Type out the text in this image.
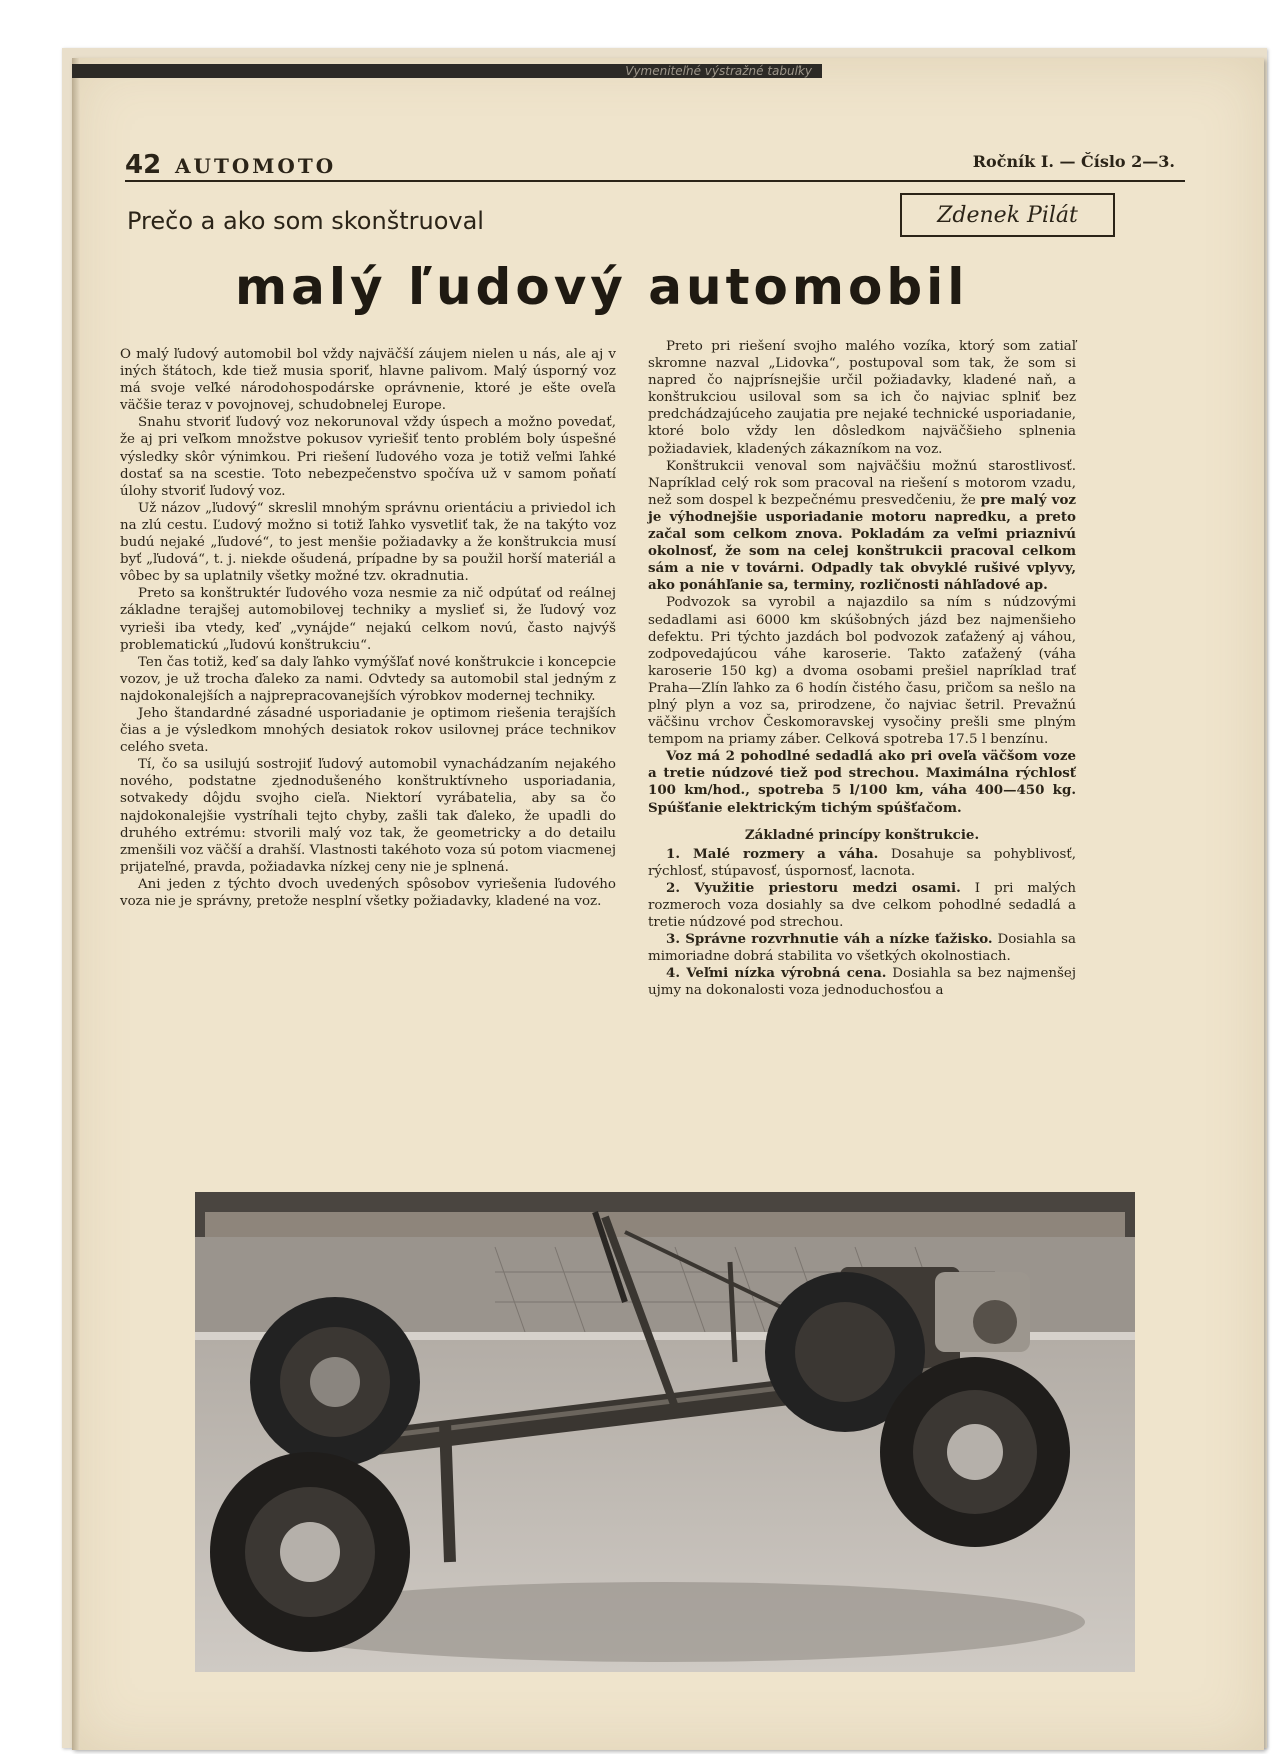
Vymeniteľné výstražné tabuľky
42 AUTOMOTO	Ročník I. — Číslo 2—3.
Prečo a ako som skonštruoval	Zdenek Pilát
malý ľudový automobil

O malý ľudový automobil bol vždy najväčší záujem nielen u nás, ale aj v iných štátoch, kde tiež musia sporiť, hlavne palivom. Malý úsporný voz má svoje veľké národohospodárske oprávnenie, ktoré je ešte oveľa väčšie teraz v povojnovej, schudobnelej Europe.

Snahu stvoriť ľudový voz nekorunoval vždy úspech a možno povedať, že aj pri veľkom množstve pokusov vyriešiť tento problém boly úspešné výsledky skôr výnimkou. Pri riešení ľudového voza je totiž veľmi ľahké dostať sa na scestie. Toto nebezpečenstvo spočíva už v samom poňatí úlohy stvoriť ľudový voz.

Už názov „ľudový“ skreslil mnohým správnu orientáciu a priviedol ich na zlú cestu. Ľudový možno si totiž ľahko vysvetliť tak, že na takýto voz budú nejaké „ľudové“, to jest menšie požiadavky a že konštrukcia musí byť „ľudová“, t. j. niekde ošudená, prípadne by sa použil horší materiál a vôbec by sa uplatnily všetky možné tzv. okradnutia.

Preto sa konštruktér ľudového voza nesmie za nič odpútať od reálnej základne terajšej automobilovej techniky a myslieť si, že ľudový voz vyrieši iba vtedy, keď „vynájde“ nejakú celkom novú, často najvýš problematickú „ľudovú konštrukciu“.

Ten čas totiž, keď sa daly ľahko vymýšľať nové konštrukcie i koncepcie vozov, je už trocha ďaleko za nami. Odvtedy sa automobil stal jedným z najdokonalejších a najprepracovanejších výrobkov modernej techniky.

Jeho štandardné zásadné usporiadanie je optimom riešenia terajších čias a je výsledkom mnohých desiatok rokov usilovnej práce technikov celého sveta.

Tí, čo sa usilujú sostrojiť ľudový automobil vynachádzaním nejakého nového, podstatne zjednodušeného konštruktívneho usporiadania, sotvakedy dôjdu svojho cieľa. Niektorí vyrábatelia, aby sa čo najdokonalejšie vystríhali tejto chyby, zašli tak ďaleko, že upadli do druhého extrému: stvorili malý voz tak, že geometricky a do detailu zmenšili voz väčší a drahší. Vlastnosti takéhoto voza sú potom viacmenej prijateľné, pravda, požiadavka nízkej ceny nie je splnená.

Ani jeden z týchto dvoch uvedených spôsobov vyriešenia ľudového voza nie je správny, pretože nesplní všetky požiadavky, kladené na voz.

Preto pri riešení svojho malého vozíka, ktorý som zatiaľ skromne nazval „Lidovka“, postupoval som tak, že som si napred čo najprísnejšie určil požiadavky, kladené naň, a konštrukciou usiloval som sa ich čo najviac splniť bez predchádzajúceho zaujatia pre nejaké technické usporiadanie, ktoré bolo vždy len dôsledkom najväčšieho splnenia požiadaviek, kladených zákazníkom na voz.

Konštrukcii venoval som najväčšiu možnú starostlivosť. Napríklad celý rok som pracoval na riešení s motorom vzadu, než som dospel k bezpečnému presvedčeniu, že pre malý voz je výhodnejšie usporiadanie motoru napredku, a preto začal som celkom znova. Pokladám za veľmi priaznivú okolnosť, že som na celej konštrukcii pracoval celkom sám a nie v továrni. Odpadly tak obvyklé rušivé vplyvy, ako ponáhľanie sa, terminy, rozličnosti náhľadové ap.

Podvozok sa vyrobil a najazdilo sa ním s núdzovými sedadlami asi 6000 km skúšobných jázd bez najmenšieho defektu. Pri týchto jazdách bol podvozok zaťažený aj váhou, zodpovedajúcou váhe karoserie. Takto zaťažený (váha karoserie 150 kg) a dvoma osobami prešiel napríklad trať Praha—Zlín ľahko za 6 hodín čistého času, pričom sa nešlo na plný plyn a voz sa, prirodzene, čo najviac šetril. Prevažnú väčšinu vrchov Českomoravskej vysočiny prešli sme plným tempom na priamy záber. Celková spotreba 17.5 l benzínu.

Voz má 2 pohodlné sedadlá ako pri oveľa väčšom voze a tretie núdzové tiež pod strechou. Maximálna rýchlosť 100 km/hod., spotreba 5 l/100 km, váha 400—450 kg. Spúšťanie elektrickým tichým spúšťačom.

Základné princípy konštrukcie.

1. Malé rozmery a váha. Dosahuje sa pohyblivosť, rýchlosť, stúpavosť, úspornosť, lacnota.

2. Využitie priestoru medzi osami. I pri malých rozmeroch voza dosiahly sa dve celkom pohodlné sedadlá a tretie núdzové pod strechou.

3. Správne rozvrhnutie váh a nízke ťažisko. Dosiahla sa mimoriadne dobrá stabilita vo všetkých okolnostiach.

4. Veľmi nízka výrobná cena. Dosiahla sa bez najmenšej ujmy na dokonalosti voza jednoduchosťou a
